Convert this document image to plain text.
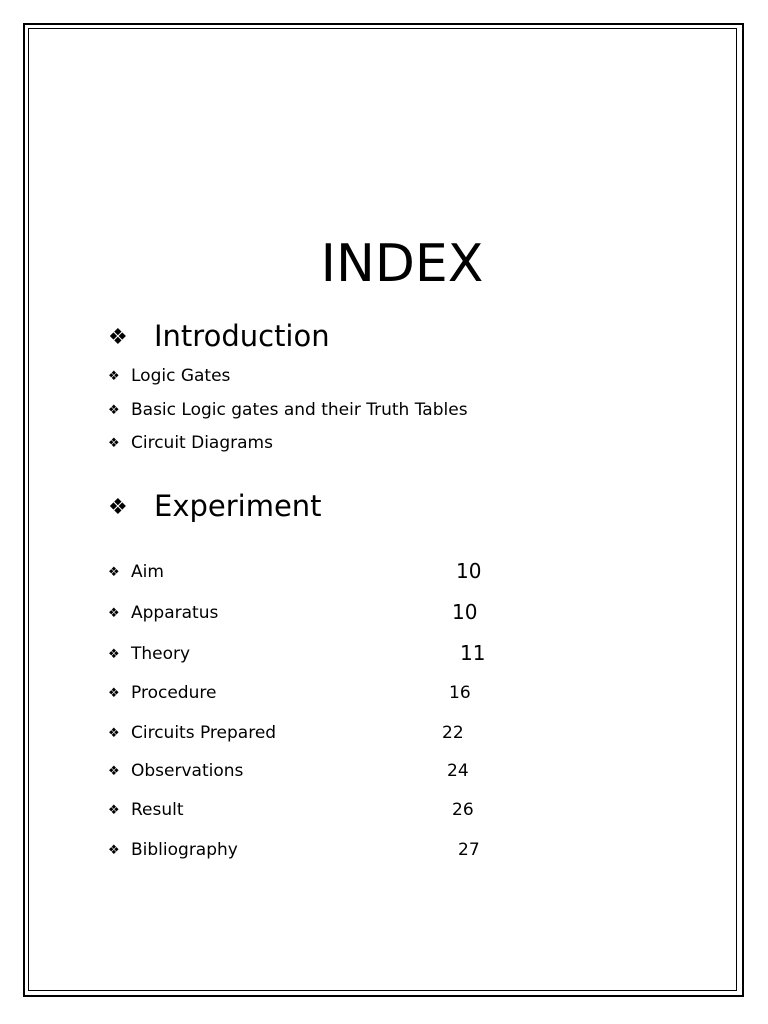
INDEX
❖ Introduction
❖ Logic Gates
❖ Basic Logic gates and their Truth Tables
❖ Circuit Diagrams
❖ Experiment
❖ Aim	10
❖ Apparatus	10
❖ Theory	11
❖ Procedure	16
❖ Circuits Prepared	22
❖ Observations	24
❖ Result	26
❖ Bibliography	27
